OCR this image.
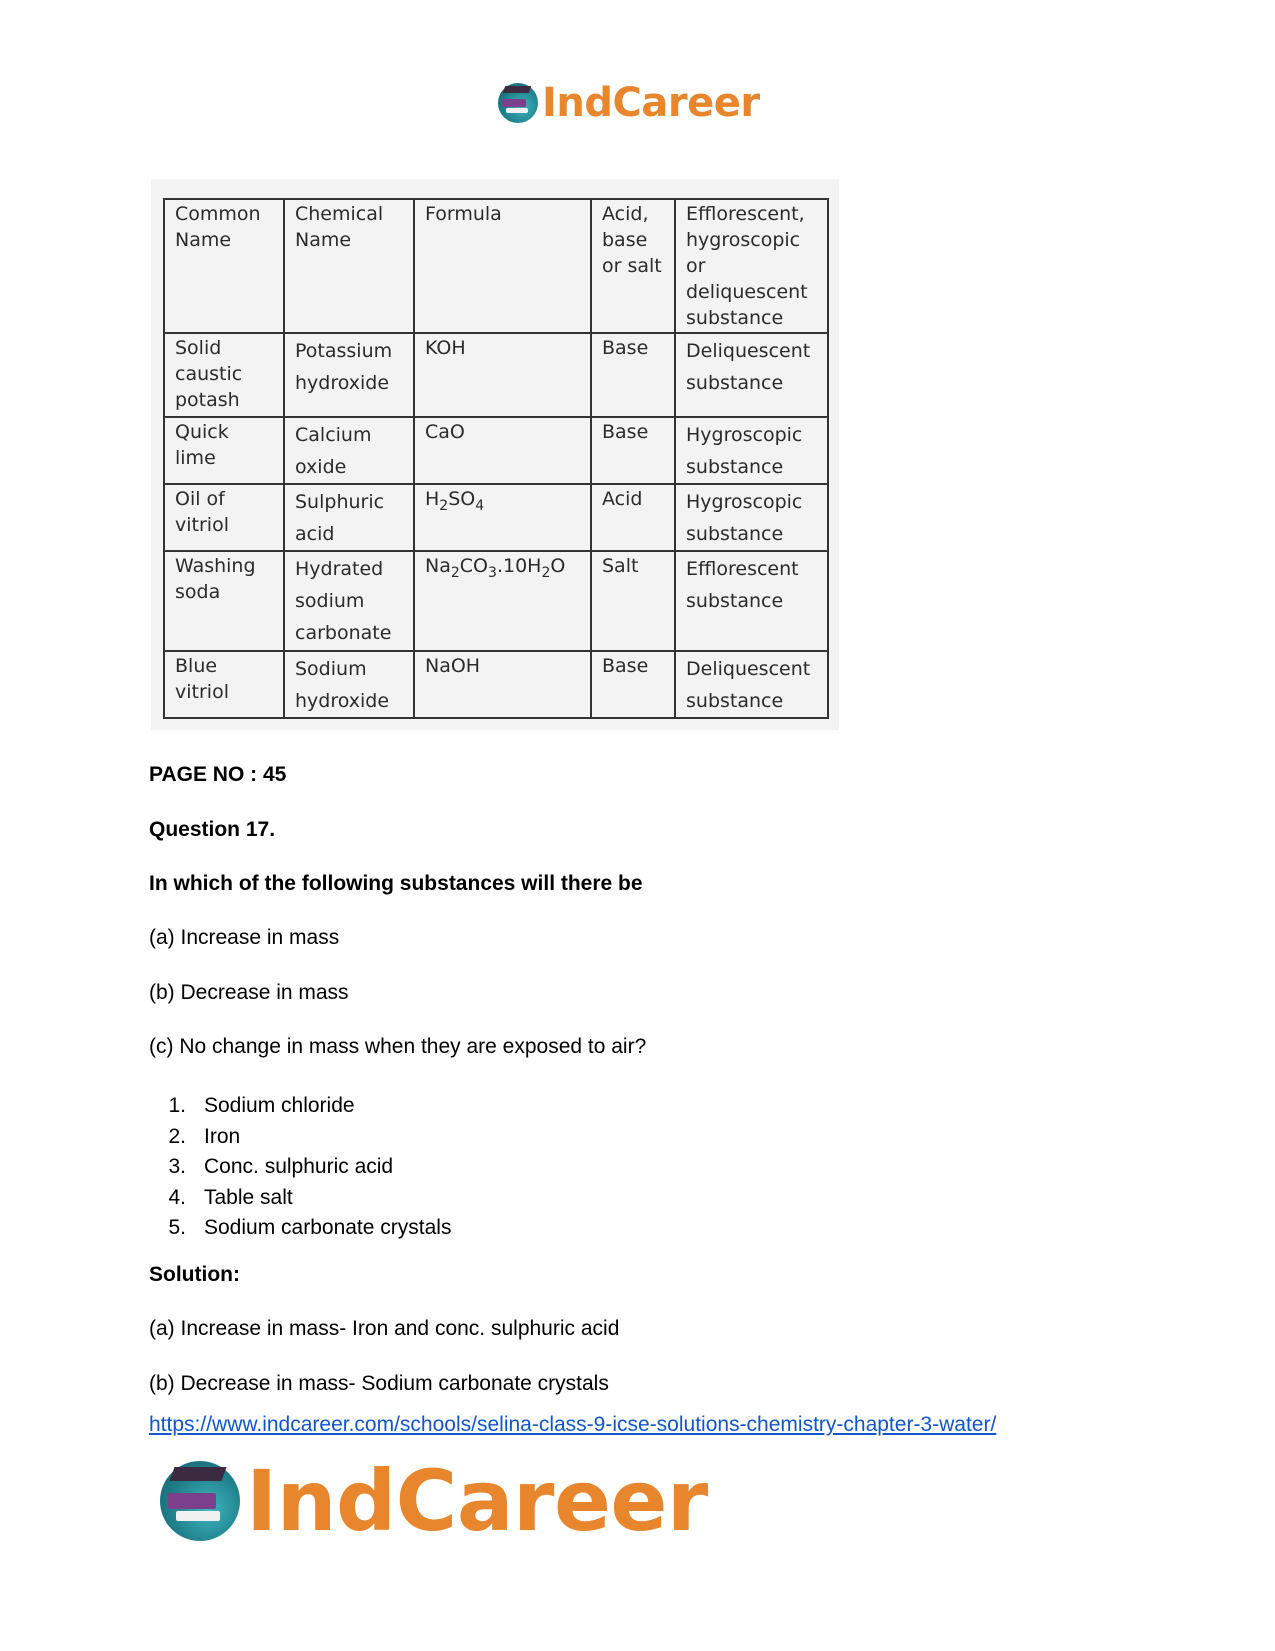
IndCareer
Common Name	Chemical Name	Formula	Acid, base or salt	Efflorescent, hygroscopic or deliquescent substance
Solid caustic potash	Potassium hydroxide	KOH	Base	Deliquescent substance
Quick lime	Calcium oxide	CaO	Base	Hygroscopic substance
Oil of vitriol	Sulphuric acid	$H_2SO_4$	Acid	Hygroscopic substance
Washing soda	Hydrated sodium carbonate	$Na_2CO_3.10H_2O$	Salt	Efflorescent substance
Blue vitriol	Sodium hydroxide	NaOH	Base	Deliquescent substance
PAGE NO : 45
Question 17.
In which of the following substances will there be
(a) Increase in mass
(b) Decrease in mass
(c) No change in mass when they are exposed to air?
1. Sodium chloride
2. Iron
3. Conc. sulphuric acid
4. Table salt
5. Sodium carbonate crystals
Solution:
(a) Increase in mass- Iron and conc. sulphuric acid
(b) Decrease in mass- Sodium carbonate crystals
https://www.indcareer.com/schools/selina-class-9-icse-solutions-chemistry-chapter-3-water/
IndCareer
